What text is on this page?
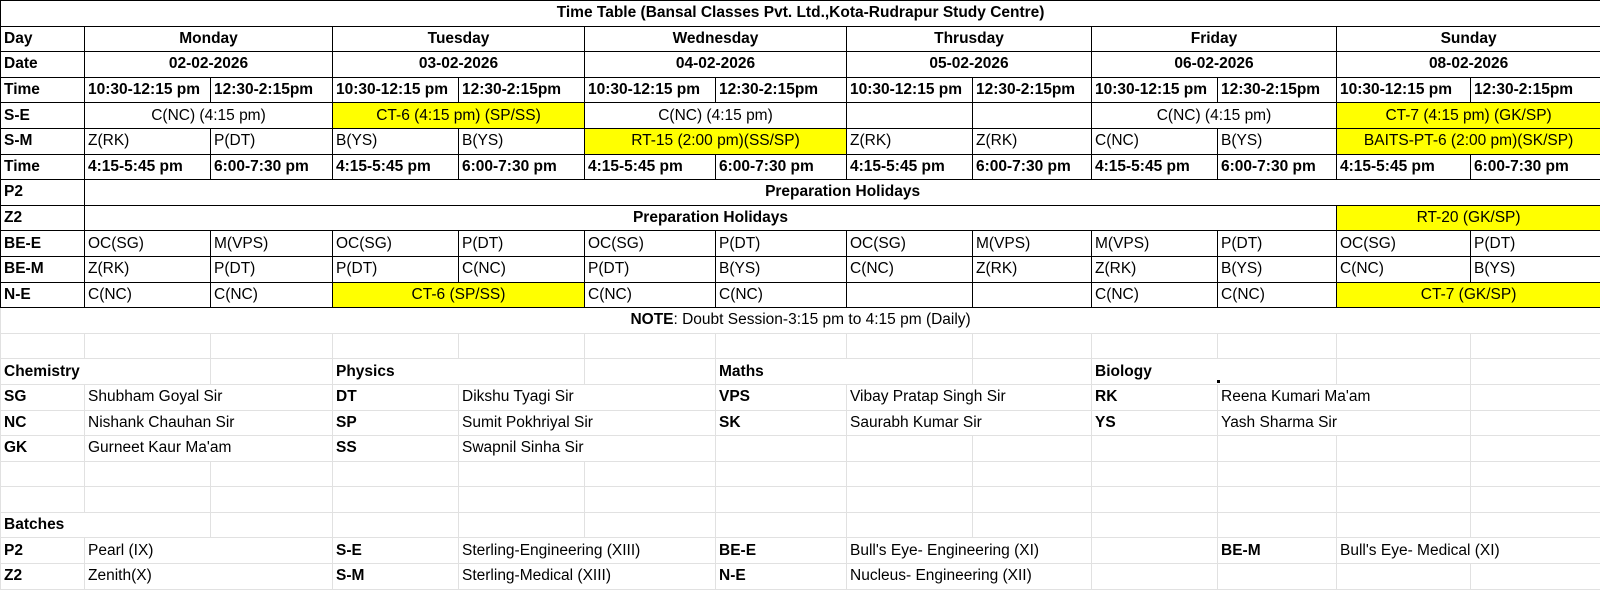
Time Table (Bansal Classes Pvt. Ltd.,Kota-Rudrapur Study Centre)												
Day	Monday		Tuesday		Wednesday		Thrusday		Friday		Sunday	
Date	02-02-2026		03-02-2026		04-02-2026		05-02-2026		06-02-2026		08-02-2026	
Time	10:30-12:15 pm	12:30-2:15pm	10:30-12:15 pm	12:30-2:15pm	10:30-12:15 pm	12:30-2:15pm	10:30-12:15 pm	12:30-2:15pm	10:30-12:15 pm	12:30-2:15pm	10:30-12:15 pm	12:30-2:15pm
S-E	C(NC) (4:15 pm)		CT-6 (4:15 pm) (SP/SS)		C(NC) (4:15 pm)				C(NC) (4:15 pm)		CT-7 (4:15 pm) (GK/SP)	
S-M	Z(RK)	P(DT)	B(YS)	B(YS)	RT-15 (2:00 pm)(SS/SP)		Z(RK)	Z(RK)	C(NC)	B(YS)	BAITS-PT-6 (2:00 pm)(SK/SP)	
Time	4:15-5:45 pm	6:00-7:30 pm	4:15-5:45 pm	6:00-7:30 pm	4:15-5:45 pm	6:00-7:30 pm	4:15-5:45 pm	6:00-7:30 pm	4:15-5:45 pm	6:00-7:30 pm	4:15-5:45 pm	6:00-7:30 pm
P2	Preparation Holidays											
Z2	Preparation Holidays										RT-20 (GK/SP)	
BE-E	OC(SG)	M(VPS)	OC(SG)	P(DT)	OC(SG)	P(DT)	OC(SG)	M(VPS)	M(VPS)	P(DT)	OC(SG)	P(DT)
BE-M	Z(RK)	P(DT)	P(DT)	C(NC)	P(DT)	B(YS)	C(NC)	Z(RK)	Z(RK)	B(YS)	C(NC)	B(YS)
N-E	C(NC)	C(NC)	CT-6 (SP/SS)		C(NC)	C(NC)			C(NC)	C(NC)	CT-7 (GK/SP)	
NOTE: Doubt Session-3:15 pm to 4:15 pm (Daily)												

Chemistry			Physics			Maths			Biology			
SG	Shubham Goyal Sir		DT	Dikshu Tyagi Sir		VPS	Vibay Pratap Singh Sir		RK	Reena Kumari Ma'am		
NC	Nishank Chauhan Sir		SP	Sumit Pokhriyal Sir		SK	Saurabh Kumar Sir		YS	Yash Sharma Sir		
GK	Gurneet Kaur Ma'am		SS	Swapnil Sinha Sir								

Batches												
P2	Pearl (IX)		S-E	Sterling-Engineering (XIII)		BE-E	Bull's Eye- Engineering (XI)			BE-M	Bull's Eye- Medical (XI)	
Z2	Zenith(X)		S-M	Sterling-Medical (XIII)		N-E	Nucleus- Engineering (XII)					
